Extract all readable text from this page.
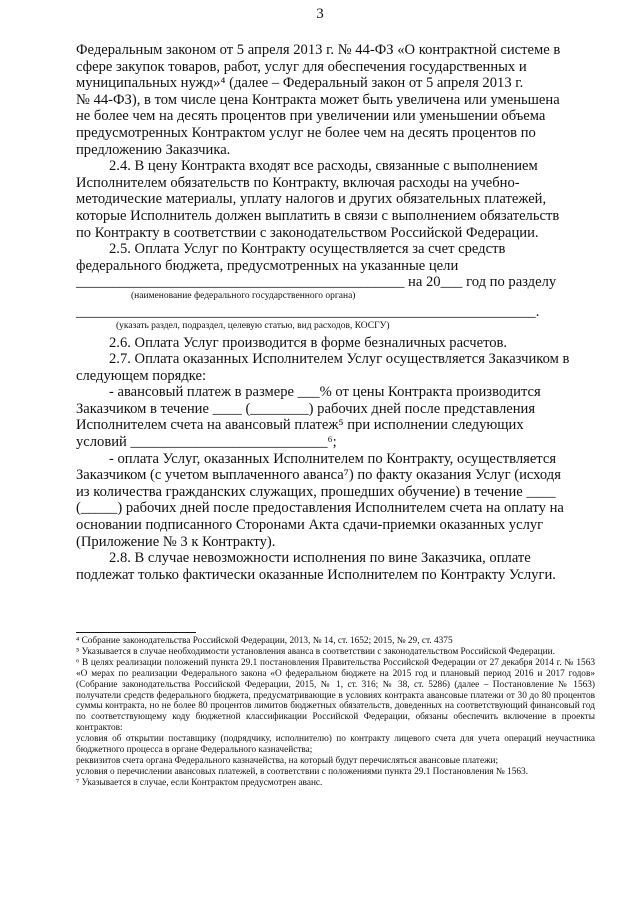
3

Федеральным законом от 5 апреля 2013 г. № 44-ФЗ «О контрактной системе в

сфере закупок товаров, работ, услуг для обеспечения государственных и

муниципальных нужд»⁴ (далее – Федеральный закон от 5 апреля 2013 г.

№ 44-ФЗ), в том числе цена Контракта может быть увеличена или уменьшена

не более чем на десять процентов при увеличении или уменьшении объема

предусмотренных Контрактом услуг не более чем на десять процентов по

предложению Заказчика.

2.4. В цену Контракта входят все расходы, связанные с выполнением

Исполнителем обязательств по Контракту, включая расходы на учебно-

методические материалы, уплату налогов и других обязательных платежей,

которые Исполнитель должен выплатить в связи с выполнением обязательств

по Контракту в соответствии с законодательством Российской Федерации.

2.5. Оплата Услуг по Контракту осуществляется за счет средств

федерального бюджета, предусмотренных на указанные цели

_____________________________________________ на 20___ год по разделу

(наименование федерального государственного органа)

_______________________________________________________________.

(указать раздел, подраздел, целевую статью, вид расходов, КОСГУ)

2.6. Оплата Услуг производится в форме безналичных расчетов.

2.7. Оплата оказанных Исполнителем Услуг осуществляется Заказчиком в

следующем порядке:

- авансовый платеж в размере ___% от цены Контракта производится

Заказчиком в течение ____ (________) рабочих дней после представления

Исполнителем счета на авансовый платеж⁵ при исполнении следующих

условий ___________________________⁶;

- оплата Услуг, оказанных Исполнителем по Контракту, осуществляется

Заказчиком (с учетом выплаченного аванса⁷) по факту оказания Услуг (исходя

из количества гражданских служащих, прошедших обучение) в течение ____

(_____) рабочих дней после предоставления Исполнителем счета на оплату на

основании подписанного Сторонами Акта сдачи-приемки оказанных услуг

(Приложение № 3 к Контракту).

2.8. В случае невозможности исполнения по вине Заказчика, оплате

подлежат только фактически оказанные Исполнителем по Контракту Услуги.

⁴ Собрание законодательства Российской Федерации, 2013, № 14, ст. 1652; 2015, № 29, ст. 4375

⁵ Указывается в случае необходимости установления аванса в соответствии с законодательством Российской Федерации.

⁶ В целях реализации положений пункта 29.1 постановления Правительства Российской Федерации от 27 декабря 2014 г. № 1563 «О мерах по реализации Федерального закона «О федеральном бюджете на 2015 год и плановый период 2016 и 2017 годов» (Собрание законодательства Российской Федерации, 2015, № 1, ст. 316; № 38, ст. 5286) (далее – Постановление № 1563) получатели средств федерального бюджета, предусматривающие в условиях контракта авансовые платежи от 30 до 80 процентов суммы контракта, но не более 80 процентов лимитов бюджетных обязательств, доведенных на соответствующий финансовый год по соответствующему коду бюджетной классификации Российской Федерации, обязаны обеспечить включение в проекты контрактов:

условия об открытии поставщику (подрядчику, исполнителю) по контракту лицевого счета для учета операций неучастника бюджетного процесса в органе Федерального казначейства;

реквизитов счета органа Федерального казначейства, на который будут перечисляться авансовые платежи;

условия о перечислении авансовых платежей, в соответствии с положениями пункта 29.1 Постановления № 1563.

⁷ Указывается в случае, если Контрактом предусмотрен аванс.
